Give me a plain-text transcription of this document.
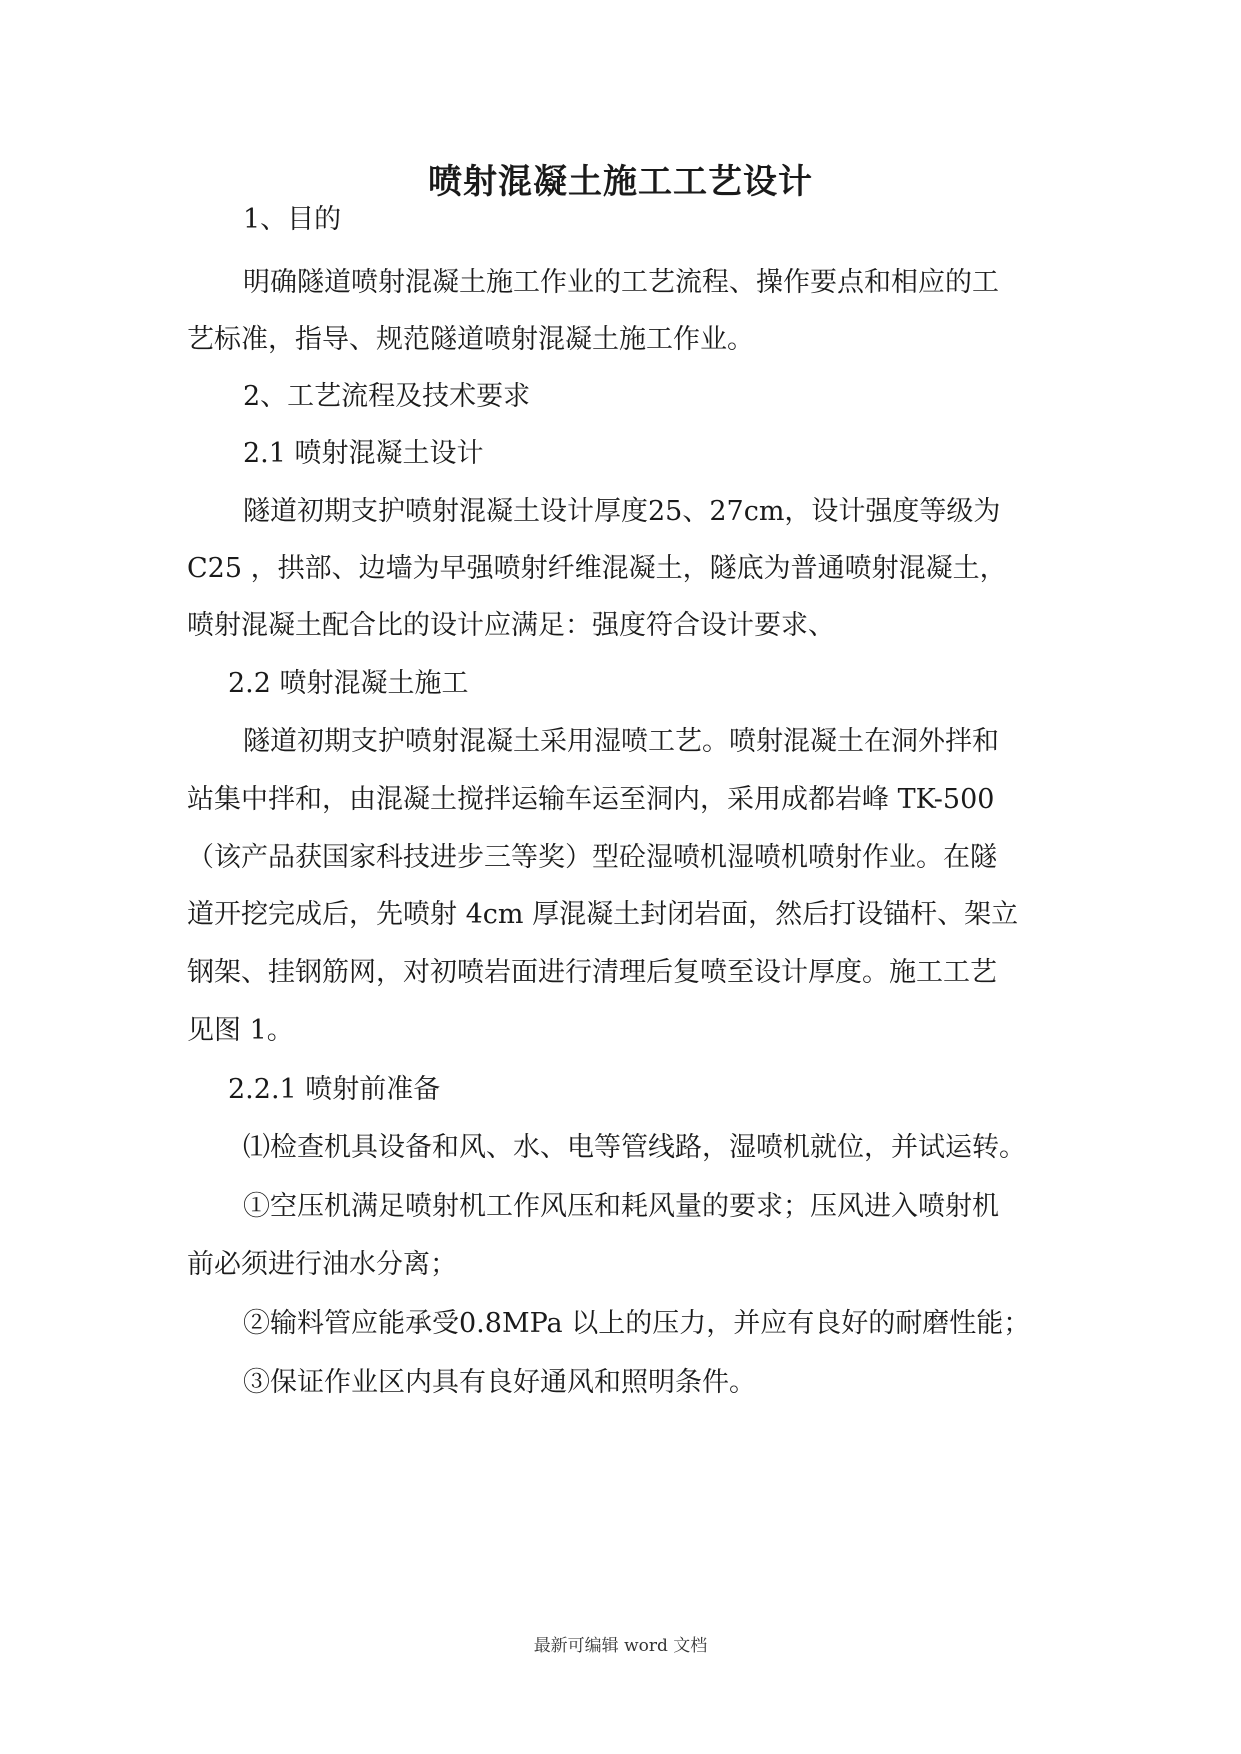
喷射混凝土施工工艺设计
1、目的
明确隧道喷射混凝土施工作业的工艺流程、操作要点和相应的工
艺标准，指导、规范隧道喷射混凝土施工作业。
2、工艺流程及技术要求
2.1 喷射混凝土设计
隧道初期支护喷射混凝土设计厚度25、27cm，设计强度等级为
C25 ，拱部、边墙为早强喷射纤维混凝土，隧底为普通喷射混凝土，
喷射混凝土配合比的设计应满足：强度符合设计要求、
2.2 喷射混凝土施工
隧道初期支护喷射混凝土采用湿喷工艺。喷射混凝土在洞外拌和
站集中拌和，由混凝土搅拌运输车运至洞内，采用成都岩峰 TK-500
（该产品获国家科技进步三等奖）型砼湿喷机湿喷机喷射作业。在隧
道开挖完成后，先喷射 4cm 厚混凝土封闭岩面，然后打设锚杆、架立
钢架、挂钢筋网，对初喷岩面进行清理后复喷至设计厚度。施工工艺
见图 1。
2.2.1 喷射前准备
⑴检查机具设备和风、水、电等管线路，湿喷机就位，并试运转。
①空压机满足喷射机工作风压和耗风量的要求；压风进入喷射机
前必须进行油水分离；
②输料管应能承受0.8MPa 以上的压力，并应有良好的耐磨性能；
③保证作业区内具有良好通风和照明条件。
最新可编辑 word 文档
